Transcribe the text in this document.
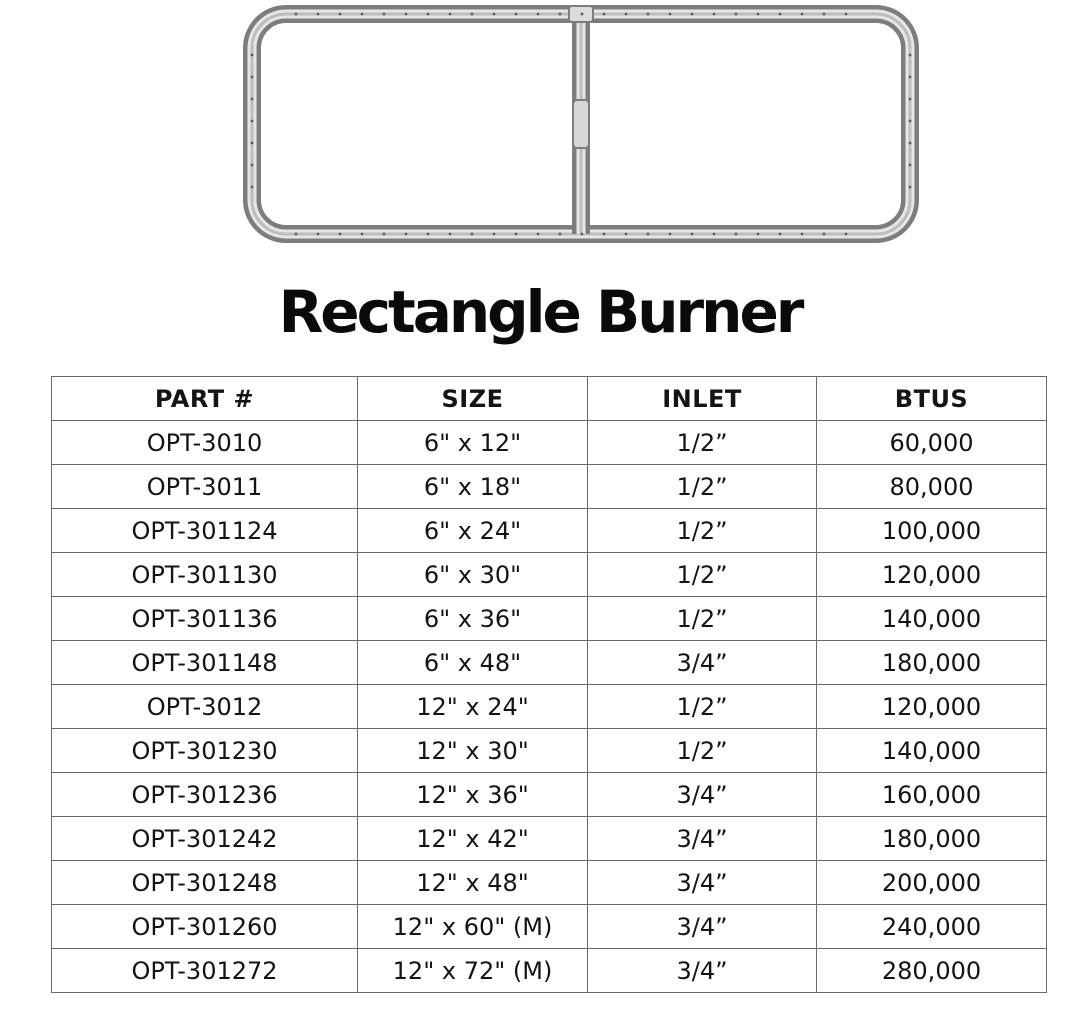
Rectangle Burner
PART #	SIZE	INLET	BTUS
OPT-3010	6" x 12"	1/2”	60,000
OPT-3011	6" x 18"	1/2”	80,000
OPT-301124	6" x 24"	1/2”	100,000
OPT-301130	6" x 30"	1/2”	120,000
OPT-301136	6" x 36"	1/2”	140,000
OPT-301148	6" x 48"	3/4”	180,000
OPT-3012	12" x 24"	1/2”	120,000
OPT-301230	12" x 30"	1/2”	140,000
OPT-301236	12" x 36"	3/4”	160,000
OPT-301242	12" x 42"	3/4”	180,000
OPT-301248	12" x 48"	3/4”	200,000
OPT-301260	12" x 60" (M)	3/4”	240,000
OPT-301272	12" x 72" (M)	3/4”	280,000
